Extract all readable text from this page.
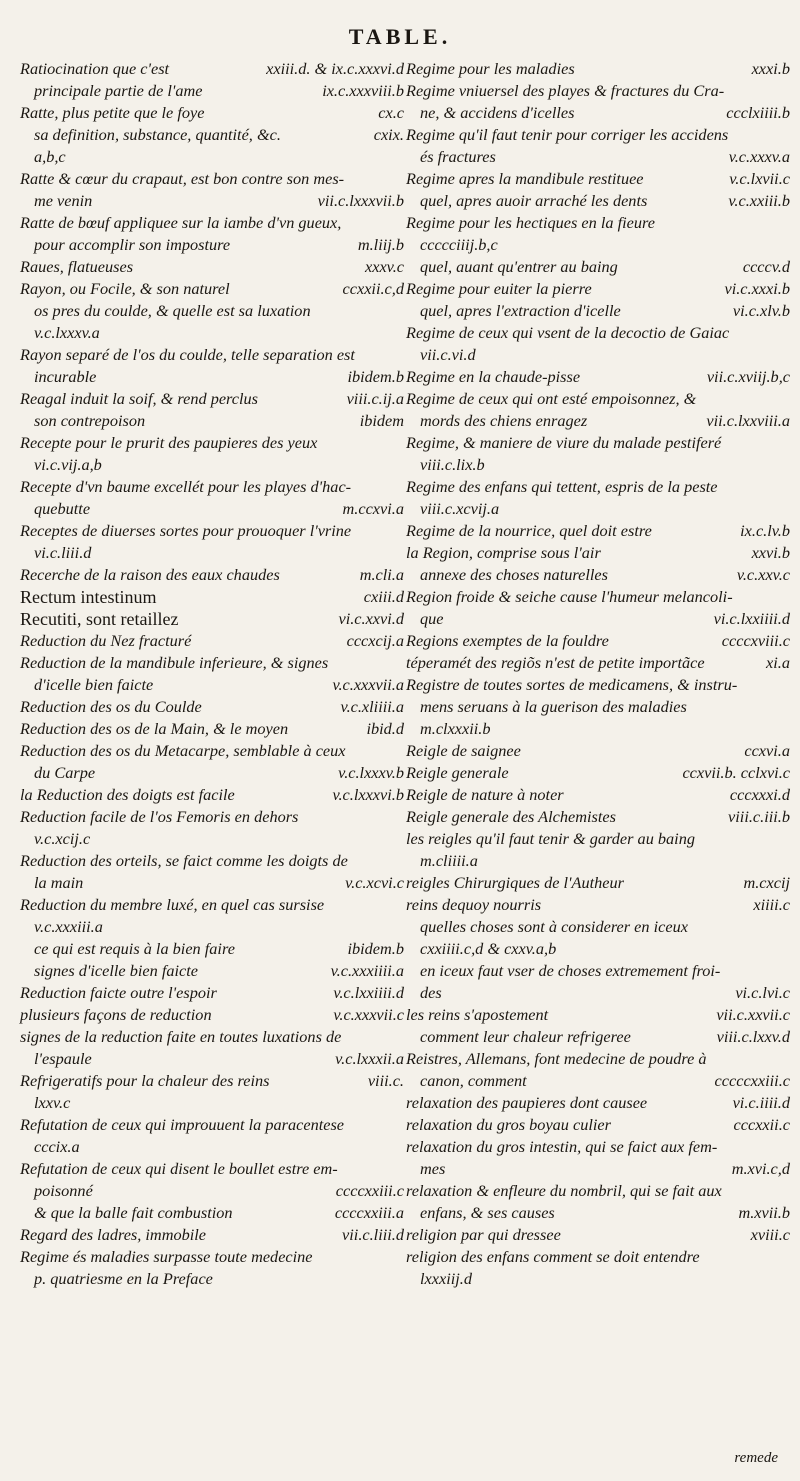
TABLE.
Ratiocination que c'est	xxiii.d. & ix.c.xxxvi.d
principale partie de l'ame	ix.c.xxxviii.b
Ratte, plus petite que le foye	cx.c
sa definition, substance, quantité, &c.	cxix.
a,b,c
Ratte & cœur du crapaut, est bon contre son mes-
me venin	vii.c.lxxxvii.b
Ratte de bœuf appliquee sur la iambe d'vn gueux,
pour accomplir son imposture	m.liij.b
Raues, flatueuses	xxxv.c
Rayon, ou Focile, & son naturel	ccxxii.c,d
os pres du coulde, & quelle est sa luxation
v.c.lxxxv.a
Rayon separé de l'os du coulde, telle separation est
incurable	ibidem.b
Reagal induit la soif, & rend perclus	viii.c.ij.a
son contrepoison	ibidem
Recepte pour le prurit des paupieres des yeux
vi.c.vij.a,b
Recepte d'vn baume excellét pour les playes d'hac-
quebutte	m.ccxvi.a
Receptes de diuerses sortes pour prouoquer l'vrine
vi.c.liii.d
Recerche de la raison des eaux chaudes	m.cli.a
Rectum intestinum	cxiii.d
Recutiti, sont retaillez	vi.c.xxvi.d
Reduction du Nez fracturé	cccxcij.a
Reduction de la mandibule inferieure, & signes
d'icelle bien faicte	v.c.xxxvii.a
Reduction des os du Coulde	v.c.xliiii.a
Reduction des os de la Main, & le moyen	ibid.d
Reduction des os du Metacarpe, semblable à ceux
du Carpe	v.c.lxxxv.b
la Reduction des doigts est facile	v.c.lxxxvi.b
Reduction facile de l'os Femoris en dehors
v.c.xcij.c
Reduction des orteils, se faict comme les doigts de
la main	v.c.xcvi.c
Reduction du membre luxé, en quel cas sursise
v.c.xxxiii.a
ce qui est requis à la bien faire	ibidem.b
signes d'icelle bien faicte	v.c.xxxiiii.a
Reduction faicte outre l'espoir	v.c.lxxiiii.d
plusieurs façons de reduction	v.c.xxxvii.c
signes de la reduction faite en toutes luxations de
l'espaule	v.c.lxxxii.a
Refrigeratifs pour la chaleur des reins	viii.c.
lxxv.c
Refutation de ceux qui improuuent la paracentese
cccix.a
Refutation de ceux qui disent le boullet estre em-
poisonné	ccccxxiii.c
& que la balle fait combustion	ccccxxiii.a
Regard des ladres, immobile	vii.c.liii.d
Regime és maladies surpasse toute medecine
p. quatriesme en la Preface
Regime pour les maladies	xxxi.b
Regime vniuersel des playes & fractures du Cra-
ne, & accidens d'icelles	ccclxiiii.b
Regime qu'il faut tenir pour corriger les accidens
és fractures	v.c.xxxv.a
Regime apres la mandibule restituee	v.c.lxvii.c
quel, apres auoir arraché les dents	v.c.xxiii.b
Regime pour les hectiques en la fieure
ccccciiij.b,c
quel, auant qu'entrer au baing	ccccv.d
Regime pour euiter la pierre	vi.c.xxxi.b
quel, apres l'extraction d'icelle	vi.c.xlv.b
Regime de ceux qui vsent de la decoctio de Gaiac
vii.c.vi.d
Regime en la chaude-pisse	vii.c.xviij.b,c
Regime de ceux qui ont esté empoisonnez, &
mords des chiens enragez	vii.c.lxxviii.a
Regime, & maniere de viure du malade pestiferé
viii.c.lix.b
Regime des enfans qui tettent, espris de la peste
viii.c.xcvij.a
Regime de la nourrice, quel doit estre	ix.c.lv.b
la Region, comprise sous l'air	xxvi.b
annexe des choses naturelles	v.c.xxv.c
Region froide & seiche cause l'humeur melancoli-
que	vi.c.lxxiiii.d
Regions exemptes de la fouldre	ccccxviii.c
téperamét des regiõs n'est de petite importãce	xi.a
Registre de toutes sortes de medicamens, & instru-
mens seruans à la guerison des maladies
m.clxxxii.b
Reigle de saignee	ccxvi.a
Reigle generale	ccxvii.b. cclxvi.c
Reigle de nature à noter	cccxxxi.d
Reigle generale des Alchemistes	viii.c.iii.b
les reigles qu'il faut tenir & garder au baing
m.cliiii.a
reigles Chirurgiques de l'Autheur	m.cxcij
reins dequoy nourris	xiiii.c
quelles choses sont à considerer en iceux
cxxiiii.c,d & cxxv.a,b
en iceux faut vser de choses extremement froi-
des	vi.c.lvi.c
les reins s'apostement	vii.c.xxvii.c
comment leur chaleur refrigeree	viii.c.lxxv.d
Reistres, Allemans, font medecine de poudre à
canon, comment	cccccxxiii.c
relaxation des paupieres dont causee	vi.c.iiii.d
relaxation du gros boyau culier	cccxxii.c
relaxation du gros intestin, qui se faict aux fem-
mes	m.xvi.c,d
relaxation & enfleure du nombril, qui se fait aux
enfans, & ses causes	m.xvii.b
religion par qui dressee	xviii.c
religion des enfans comment se doit entendre
lxxxiij.d
remede
